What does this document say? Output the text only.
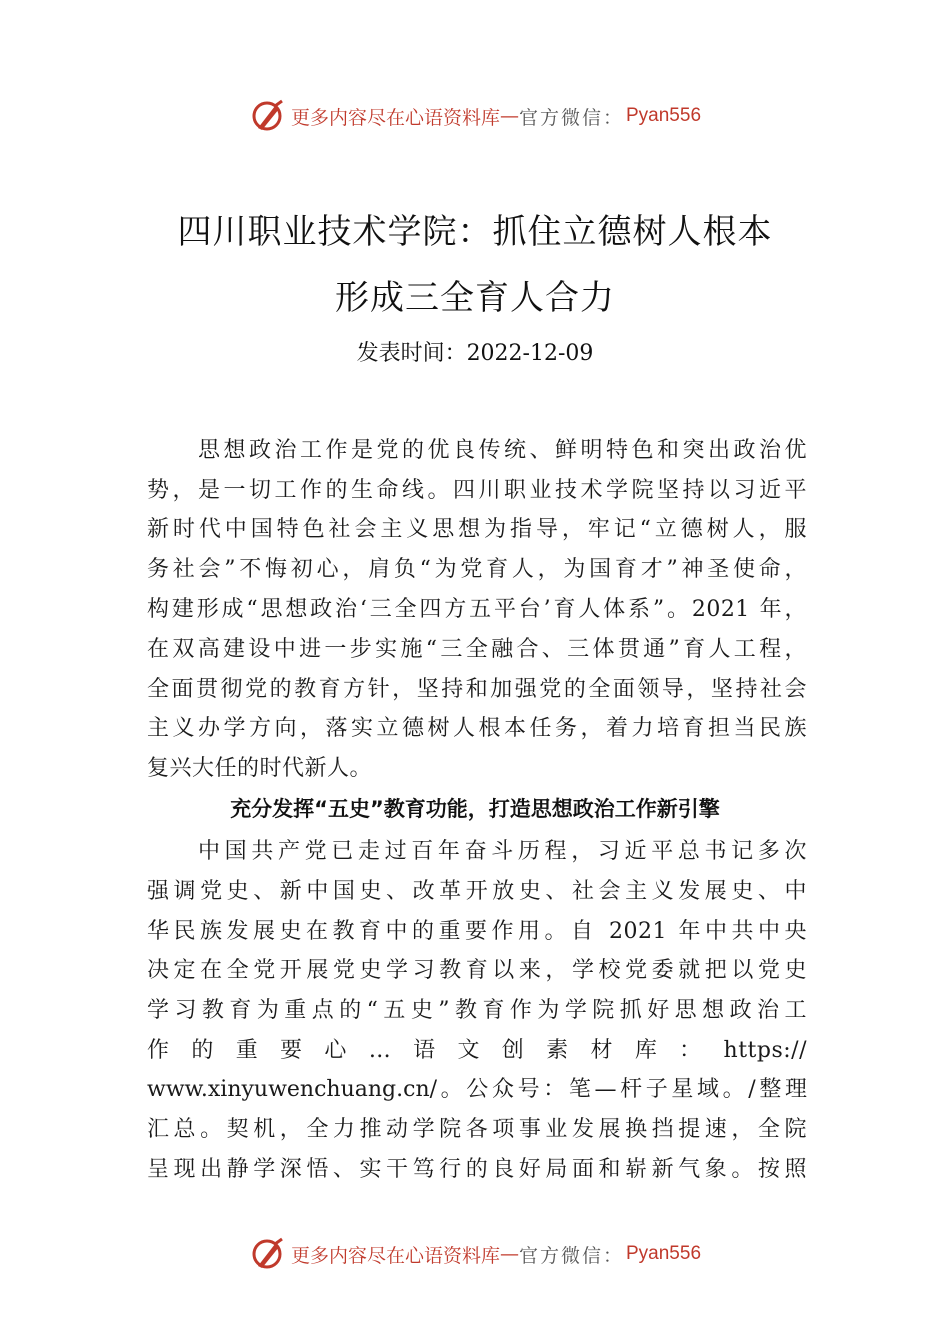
更多内容尽在心语资料库 — 官方微信： Pyan556
四川职业技术学院：抓住立德树人根本
形成三全育人合力
发表时间：2022-12-09
思想政治工作是党的优良传统、鲜明特色和突出政治优
势，是一切工作的生命线。四川职业技术学院坚持以习近平
新时代中国特色社会主义思想为指导，牢记“立德树人，服
务社会”不悔初心，肩负“为党育人，为国育才”神圣使命，
构建形成“思想政治‘三全四方五平台’育人体系”。2021 年，
在双高建设中进一步实施“三全融合、三体贯通”育人工程，
全面贯彻党的教育方针，坚持和加强党的全面领导，坚持社会
主义办学方向，落实立德树人根本任务，着力培育担当民族
复兴大任的时代新人。
充分发挥“五史”教育功能，打造思想政治工作新引擎
中国共产党已走过百年奋斗历程，习近平总书记多次
强调党史、新中国史、改革开放史、社会主义发展史、中
华民族发展史在教育中的重要作用。自 2021 年中共中央
决定在全党开展党史学习教育以来，学校党委就把以党史
学习教育为重点的“五史”教育作为学院抓好思想政治工
作的重要心…语文创素材库：https://
www.xinyuwenchuang.cn/。公众号：笔—杆子星域。/整理
汇总。契机，全力推动学院各项事业发展换挡提速，全院
呈现出静学深悟、实干笃行的良好局面和崭新气象。按照
更多内容尽在心语资料库 — 官方微信： Pyan556
